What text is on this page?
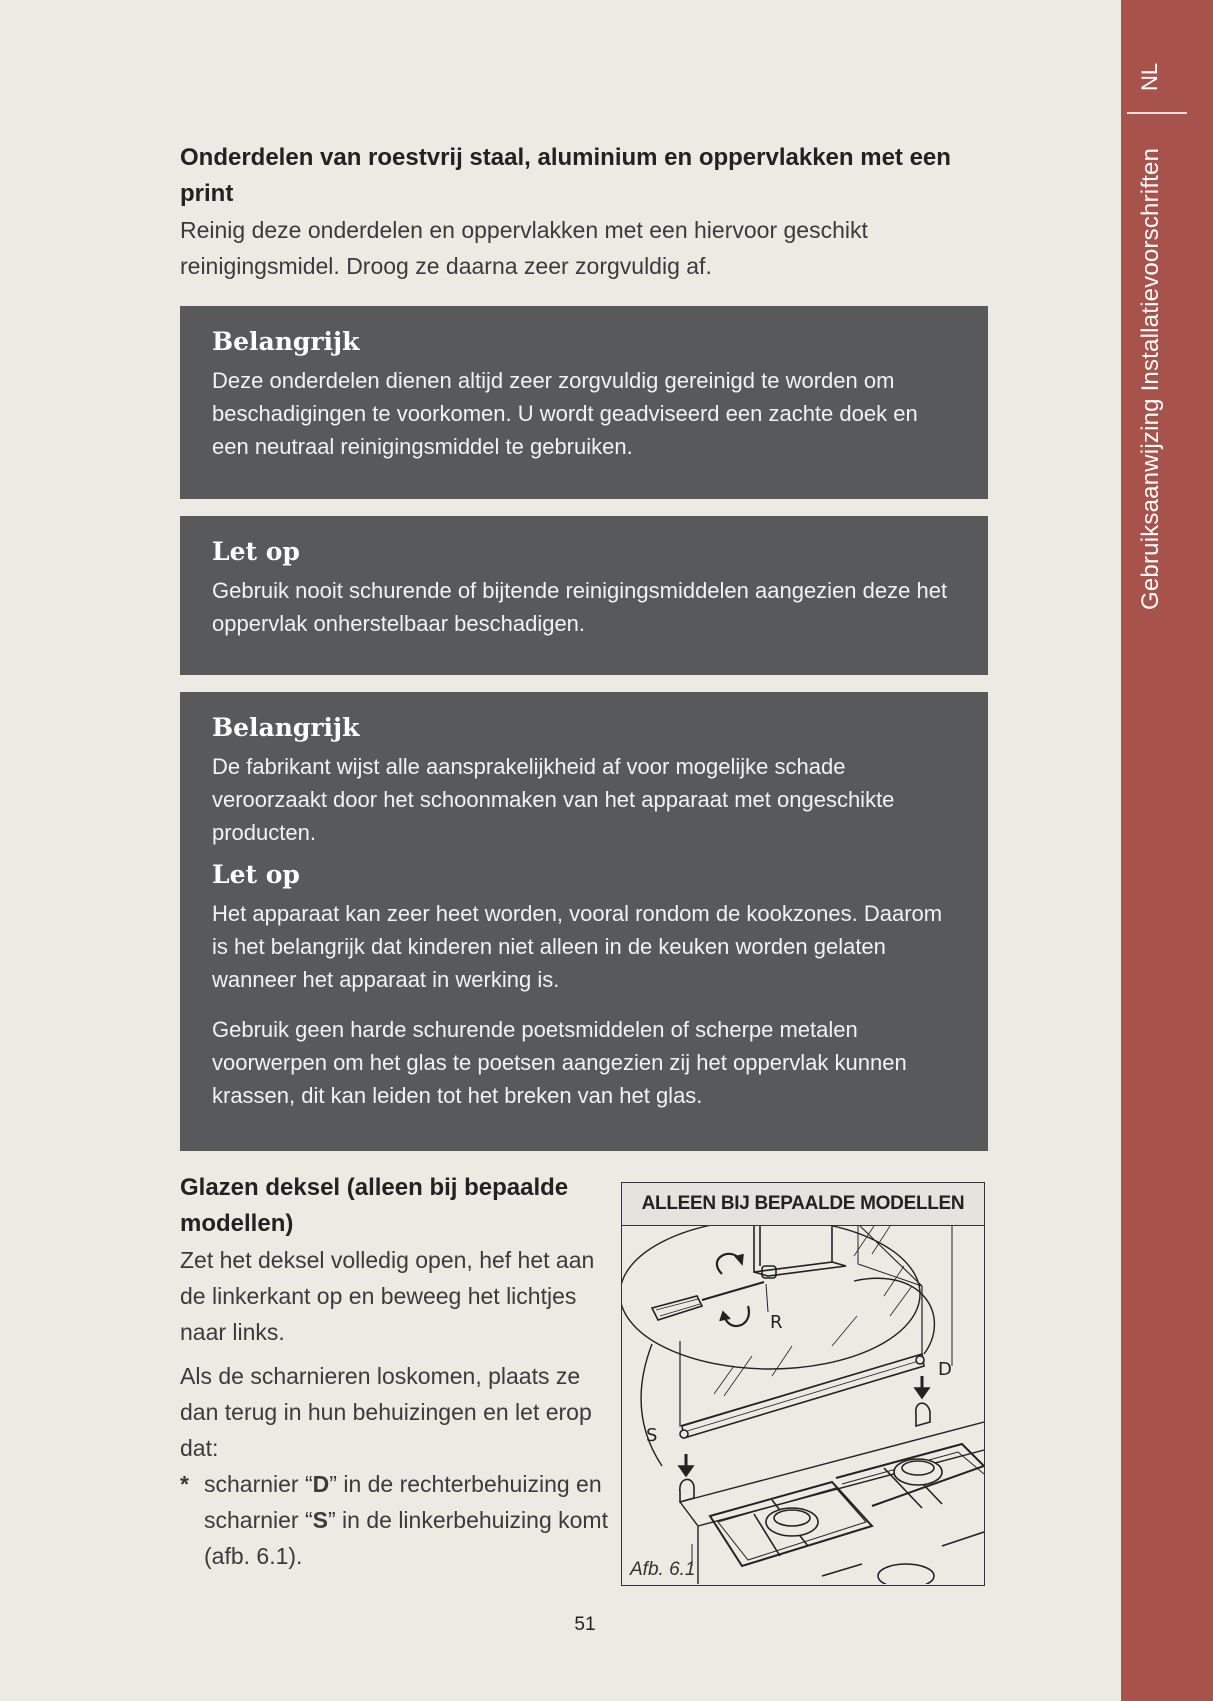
NL
Gebruiksaanwijzing Installatievoorschriften
Onderdelen van roestvrij staal, aluminium en oppervlakken met een print

Reinig deze onderdelen en oppervlakken met een hiervoor geschikt reinigingsmidel. Droog ze daarna zeer zorgvuldig af.

Belangrijk

Deze onderdelen dienen altijd zeer zorgvuldig gereinigd te worden om beschadigingen te voorkomen. U wordt geadviseerd een zachte doek en een neutraal reinigingsmiddel te gebruiken.

Let op

Gebruik nooit schurende of bijtende reinigingsmiddelen aangezien deze het oppervlak onherstelbaar beschadigen.

Belangrijk

De fabrikant wijst alle aansprakelijkheid af voor mogelijke schade veroorzaakt door het schoonmaken van het apparaat met ongeschikte producten.

Let op

Het apparaat kan zeer heet worden, vooral rondom de kookzones. Daarom is het belangrijk dat kinderen niet alleen in de keuken worden gelaten wanneer het apparaat in werking is.

Gebruik geen harde schurende poetsmiddelen of scherpe metalen voorwerpen om het glas te poetsen aangezien zij het oppervlak kunnen krassen, dit kan leiden tot het breken van het glas.

Glazen deksel (alleen bij bepaalde modellen)

Zet het deksel volledig open, hef het aan de linkerkant op en beweeg het lichtjes naar links.

Als de scharnieren loskomen, plaats ze dan terug in hun behuizingen en let erop dat:

* scharnier “D” in de rechterbehuizing en scharnier “S” in de linkerbehuizing komt (afb. 6.1).
ALLEEN BIJ BEPAALDE MODELLEN
R
D
S
Afb. 6.1
51
